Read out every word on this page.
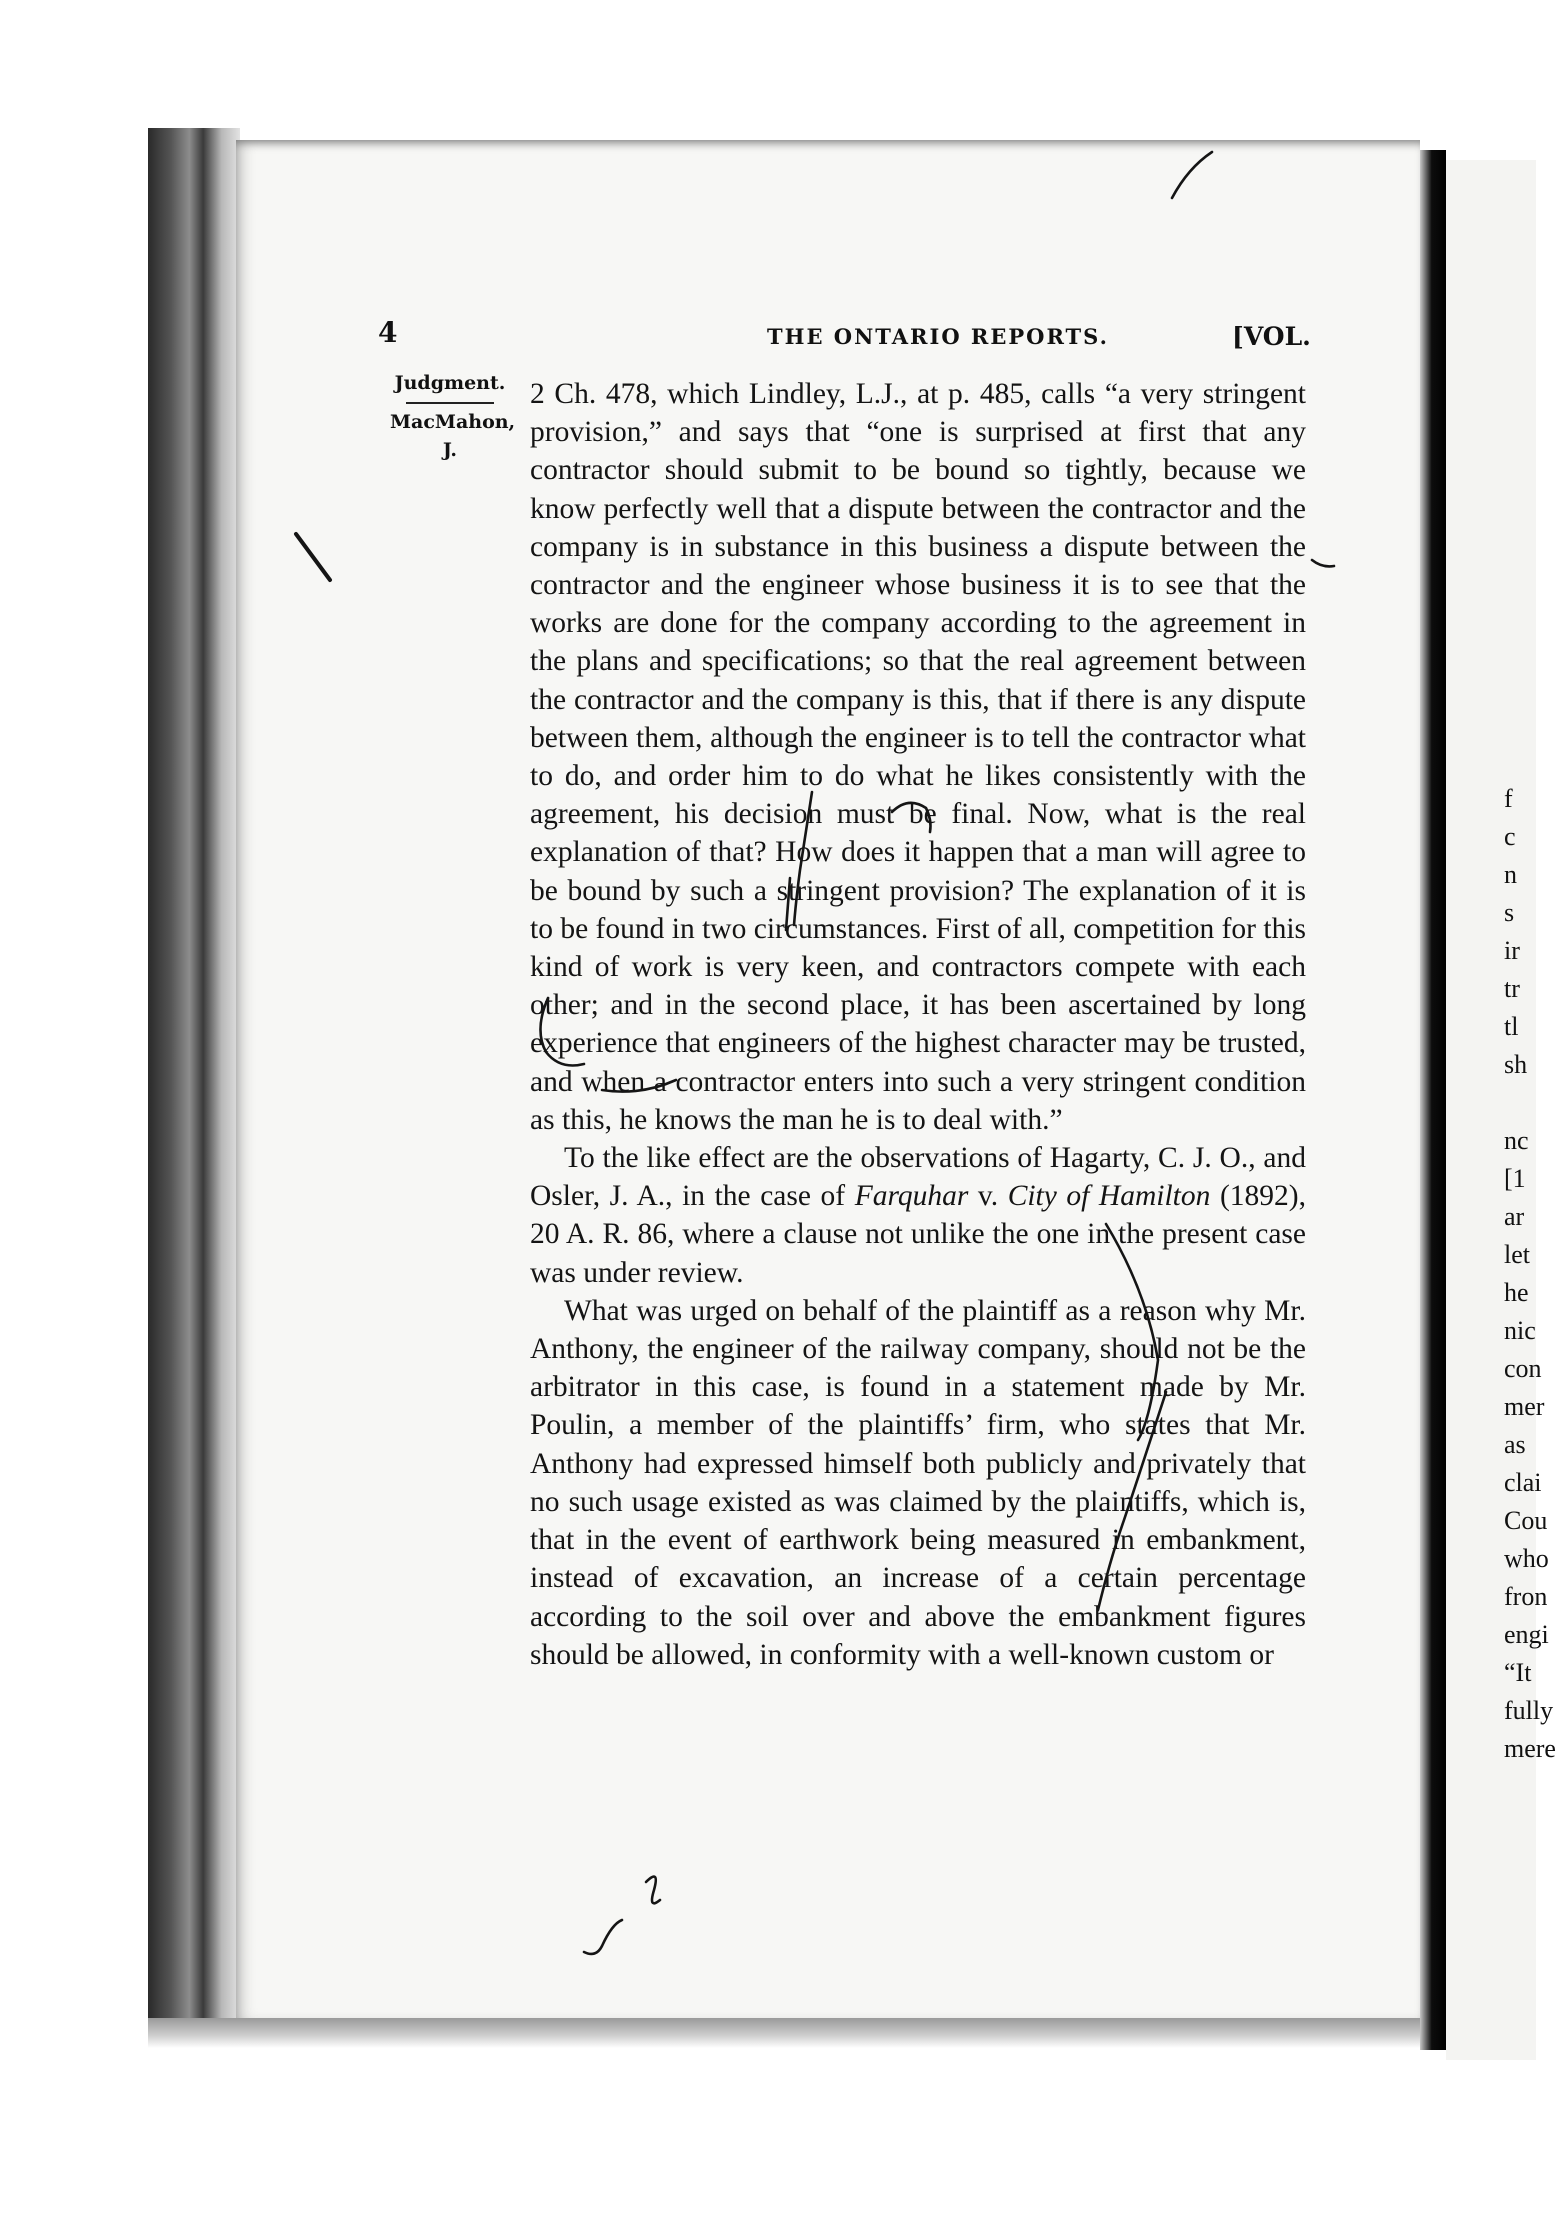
4	THE ONTARIO REPORTS.	[VOL.
Judgment.
MacMahon,
J.

2 Ch. 478, which Lindley, L.J., at p. 485, calls “a very stringent provision,” and says that “one is surprised at first that any contractor should submit to be bound so tightly, because we know perfectly well that a dispute between the contractor and the company is in substance in this business a dispute between the contractor and the engineer whose business it is to see that the works are done for the company according to the agreement in the plans and specifications; so that the real agreement between the contractor and the company is this, that if there is any dispute between them, although the engineer is to tell the contractor what to do, and order him to do what he likes consistently with the agreement, his decision must be final. Now, what is the real explanation of that? How does it happen that a man will agree to be bound by such a stringent provision? The explanation of it is to be found in two circumstances. First of all, competition for this kind of work is very keen, and contractors compete with each other; and in the second place, it has been ascertained by long experience that engineers of the highest character may be trusted, and when a contractor enters into such a very stringent condition as this, he knows the man he is to deal with.”

To the like effect are the observations of Hagarty, C. J. O., and Osler, J. A., in the case of Farquhar v. City of Hamilton (1892), 20 A. R. 86, where a clause not unlike the one in the present case was under review.

What was urged on behalf of the plaintiff as a reason why Mr. Anthony, the engineer of the railway company, should not be the arbitrator in this case, is found in a statement made by Mr. Poulin, a member of the plaintiffs’ firm, who states that Mr. Anthony had expressed himself both publicly and privately that no such usage existed as was claimed by the plaintiffs, which is, that in the event of earthwork being measured in embankment, instead of excavation, an increase of a certain percentage according to the soil over and above the embankment figures should be allowed, in conformity with a well-known custom or

f
c
n
s
ir
tr
tl
sh

nc
[1
ar
let
he
nic
con
mer
as
clai
Cou
who
fron
engi
“It
fully
mere
